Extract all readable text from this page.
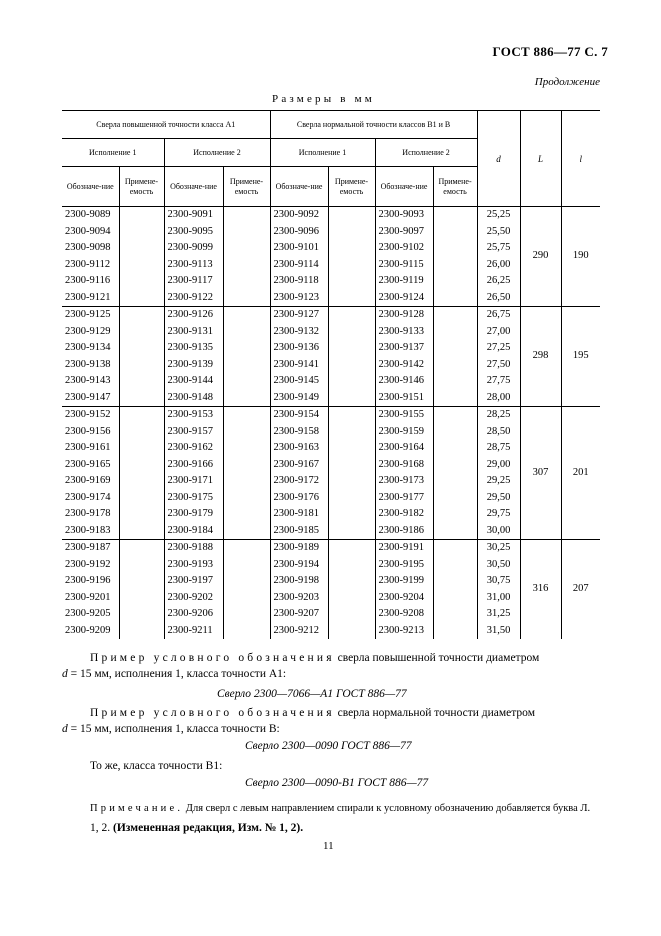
ГОСТ 886—77 С. 7
Продолжение
Размеры в мм
Сверла повышенной точности класса А1				Сверла нормальной точности классов В1 и В				d	L	l
Исполнение 1		Исполнение 2		Исполнение 1		Исполнение 2				
Обозначе-ние	Примене-емость	Обозначе-ние	Примене-емость	Обозначе-ние	Примене-емость	Обозначе-ние	Примене-емость			
2300-9089		2300-9091		2300-9092		2300-9093		25,25	290	190
2300-9094		2300-9095		2300-9096		2300-9097		25,50		
2300-9098		2300-9099		2300-9101		2300-9102		25,75		
2300-9112		2300-9113		2300-9114		2300-9115		26,00		
2300-9116		2300-9117		2300-9118		2300-9119		26,25		
2300-9121		2300-9122		2300-9123		2300-9124		26,50		
2300-9125		2300-9126		2300-9127		2300-9128		26,75	298	195
2300-9129		2300-9131		2300-9132		2300-9133		27,00		
2300-9134		2300-9135		2300-9136		2300-9137		27,25		
2300-9138		2300-9139		2300-9141		2300-9142		27,50		
2300-9143		2300-9144		2300-9145		2300-9146		27,75		
2300-9147		2300-9148		2300-9149		2300-9151		28,00		
2300-9152		2300-9153		2300-9154		2300-9155		28,25	307	201
2300-9156		2300-9157		2300-9158		2300-9159		28,50		
2300-9161		2300-9162		2300-9163		2300-9164		28,75		
2300-9165		2300-9166		2300-9167		2300-9168		29,00		
2300-9169		2300-9171		2300-9172		2300-9173		29,25		
2300-9174		2300-9175		2300-9176		2300-9177		29,50		
2300-9178		2300-9179		2300-9181		2300-9182		29,75		
2300-9183		2300-9184		2300-9185		2300-9186		30,00		
2300-9187		2300-9188		2300-9189		2300-9191		30,25	316	207
2300-9192		2300-9193		2300-9194		2300-9195		30,50		
2300-9196		2300-9197		2300-9198		2300-9199		30,75		
2300-9201		2300-9202		2300-9203		2300-9204		31,00		
2300-9205		2300-9206		2300-9207		2300-9208		31,25		
2300-9209		2300-9211		2300-9212		2300-9213		31,50		
Пример условного обозначения сверла повышенной точности диаметром
d = 15 мм, исполнения 1, класса точности А1:
Сверло 2300—7066—А1 ГОСТ 886—77
Пример условного обозначения сверла нормальной точности диаметром
d = 15 мм, исполнения 1, класса точности В:
Сверло 2300—0090 ГОСТ 886—77
То же, класса точности В1:
Сверло 2300—0090-В1 ГОСТ 886—77
Примечание. Для сверл с левым направлением спирали к условному обозначению добавляется буква Л.
1, 2. (Измененная редакция, Изм. № 1, 2).
11
